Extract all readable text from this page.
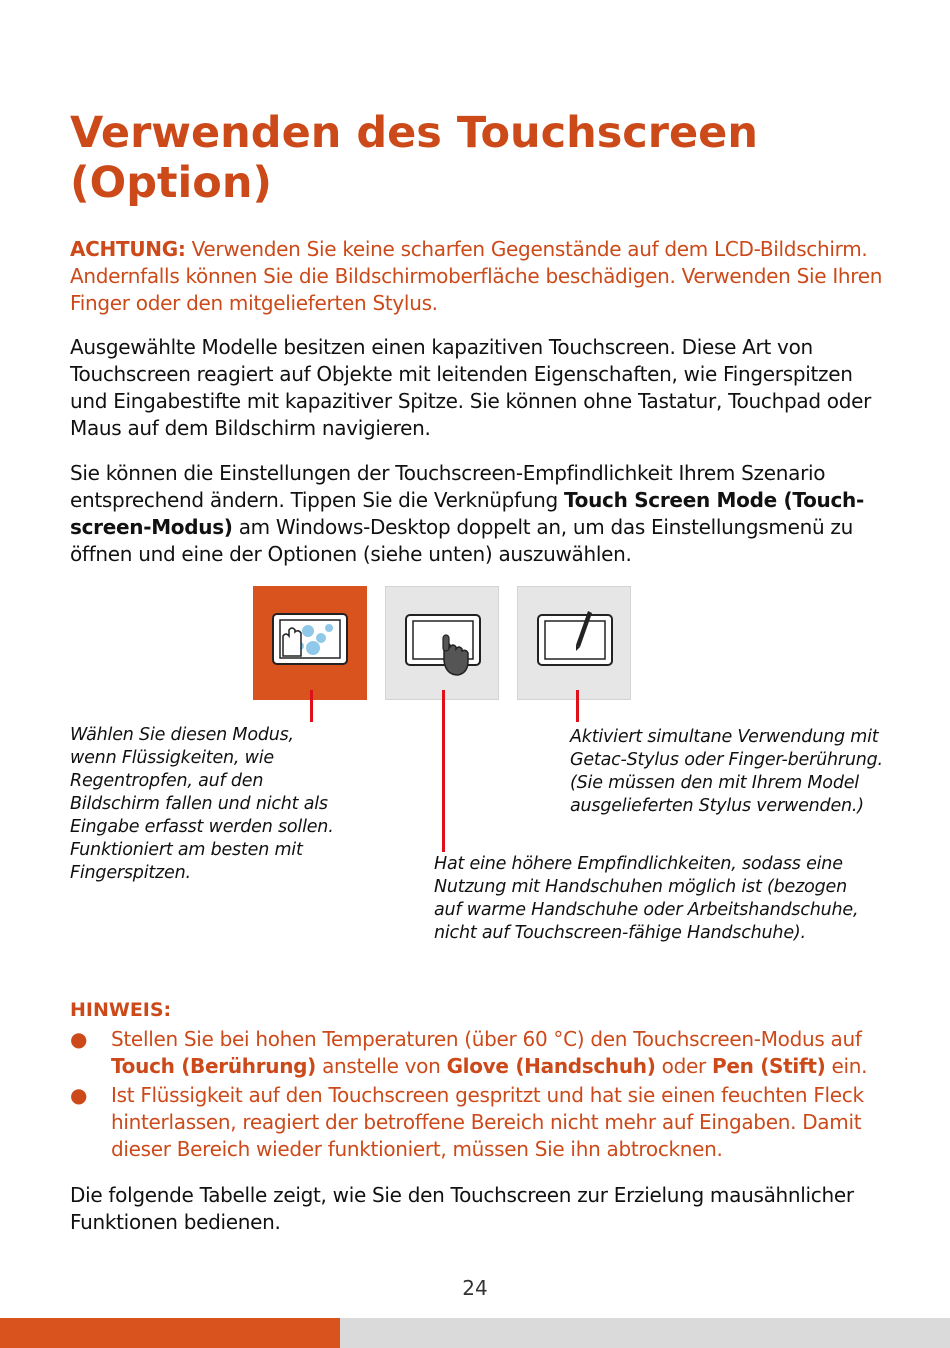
Verwenden des Touchscreen (Option)

ACHTUNG: Verwenden Sie keine scharfen Gegenstände auf dem LCD-Bildschirm. Andernfalls können Sie die Bildschirmoberfläche beschädigen. Verwenden Sie Ihren Finger oder den mitgelieferten Stylus.

Ausgewählte Modelle besitzen einen kapazitiven Touchscreen. Diese Art von Touchscreen reagiert auf Objekte mit leitenden Eigenschaften, wie Fingerspitzen und Eingabestifte mit kapazitiver Spitze. Sie können ohne Tastatur, Touchpad oder Maus auf dem Bildschirm navigieren.

Sie können die Einstellungen der Touchscreen-Empfindlichkeit Ihrem Szenario entsprechend ändern. Tippen Sie die Verknüpfung Touch Screen Mode (Touch-screen-Modus) am Windows-Desktop doppelt an, um das Einstellungsmenü zu öffnen und eine der Optionen (siehe unten) auszuwählen.

Wählen Sie diesen Modus, wenn Flüssigkeiten, wie Regentropfen, auf den Bildschirm fallen und nicht als Eingabe erfasst werden sollen. Funktioniert am besten mit Fingerspitzen.

Aktiviert simultane Verwendung mit Getac-Stylus oder Finger-berührung. (Sie müssen den mit Ihrem Model ausgelieferten Stylus verwenden.)

Hat eine höhere Empfindlichkeiten, sodass eine Nutzung mit Handschuhen möglich ist (bezogen auf warme Handschuhe oder Arbeitshandschuhe, nicht auf Touchscreen-fähige Handschuhe).

HINWEIS:

● Stellen Sie bei hohen Temperaturen (über 60 °C) den Touchscreen-Modus auf Touch (Berührung) anstelle von Glove (Handschuh) oder Pen (Stift) ein.

● Ist Flüssigkeit auf den Touchscreen gespritzt und hat sie einen feuchten Fleck hinterlassen, reagiert der betroffene Bereich nicht mehr auf Eingaben. Damit dieser Bereich wieder funktioniert, müssen Sie ihn abtrocknen.

Die folgende Tabelle zeigt, wie Sie den Touchscreen zur Erzielung mausähnlicher Funktionen bedienen.

24
